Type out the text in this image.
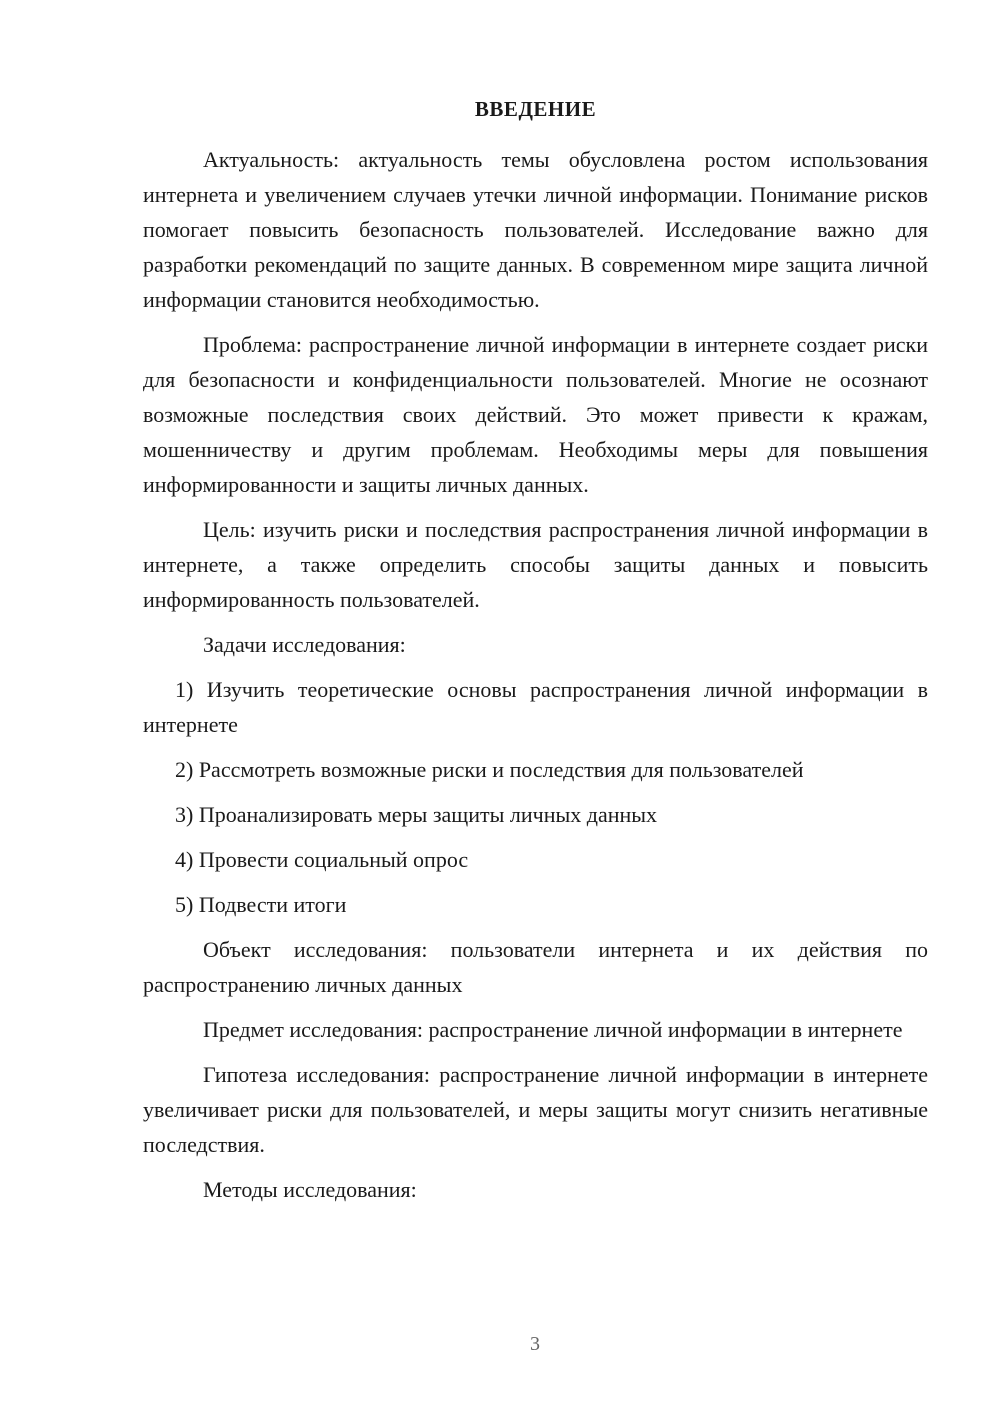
ВВЕДЕНИЕ

Актуальность: актуальность темы обусловлена ростом использования интернета и увеличением случаев утечки личной информации. Понимание рисков помогает повысить безопасность пользователей. Исследование важно для разработки рекомендаций по защите данных. В современном мире защита личной информации становится необходимостью.

Проблема: распространение личной информации в интернете создает риски для безопасности и конфиденциальности пользователей. Многие не осознают возможные последствия своих действий. Это может привести к кражам, мошенничеству и другим проблемам. Необходимы меры для повышения информированности и защиты личных данных.

Цель: изучить риски и последствия распространения личной информации в интернете, а также определить способы защиты данных и повысить информированность пользователей.

Задачи исследования:

1) Изучить теоретические основы распространения личной информации в интернете

2) Рассмотреть возможные риски и последствия для пользователей

3) Проанализировать меры защиты личных данных

4) Провести социальный опрос

5) Подвести итоги

Объект исследования: пользователи интернета и их действия по распространению личных данных

Предмет исследования: распространение личной информации в интернете

Гипотеза исследования: распространение личной информации в интернете увеличивает риски для пользователей, и меры защиты могут снизить негативные последствия.

Методы исследования:

3
